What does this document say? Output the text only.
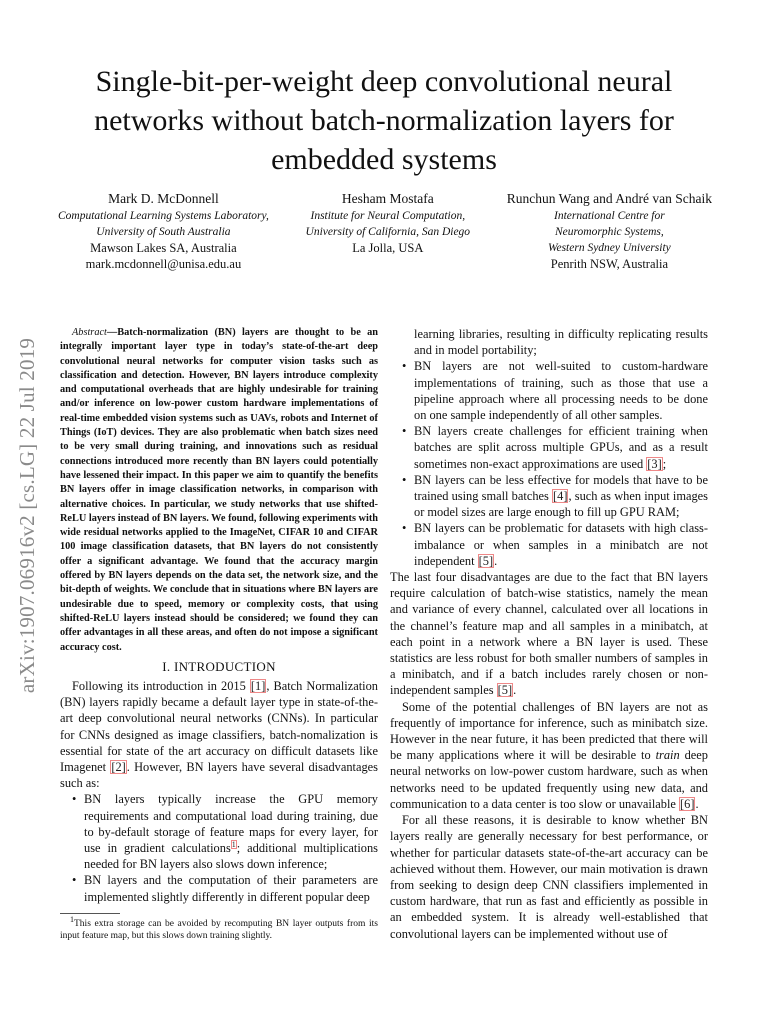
arXiv:1907.06916v2 [cs.LG] 22 Jul 2019
Single-bit-per-weight deep convolutional neural networks without batch-normalization layers for embedded systems
Mark D. McDonnell
Computational Learning Systems Laboratory,
University of South Australia
Mawson Lakes SA, Australia
mark.mcdonnell@unisa.edu.au
Hesham Mostafa
Institute for Neural Computation,
University of California, San Diego
La Jolla, USA
Runchun Wang and André van Schaik
International Centre for
Neuromorphic Systems,
Western Sydney University
Penrith NSW, Australia

Abstract—Batch-normalization (BN) layers are thought to be an integrally important layer type in today’s state-of-the-art deep convolutional neural networks for computer vision tasks such as classification and detection. However, BN layers introduce complexity and computational overheads that are highly undesirable for training and/or inference on low-power custom hardware implementations of real-time embedded vision systems such as UAVs, robots and Internet of Things (IoT) devices. They are also problematic when batch sizes need to be very small during training, and innovations such as residual connections introduced more recently than BN layers could potentially have lessened their impact. In this paper we aim to quantify the benefits BN layers offer in image classification networks, in comparison with alternative choices. In particular, we study networks that use shifted-ReLU layers instead of BN layers. We found, following experiments with wide residual networks applied to the ImageNet, CIFAR 10 and CIFAR 100 image classification datasets, that BN layers do not consistently offer a significant advantage. We found that the accuracy margin offered by BN layers depends on the data set, the network size, and the bit-depth of weights. We conclude that in situations where BN layers are undesirable due to speed, memory or complexity costs, that using shifted-ReLU layers instead should be considered; we found they can offer advantages in all these areas, and often do not impose a significant accuracy cost.

I. INTRODUCTION

Following its introduction in 2015 [1], Batch Normalization (BN) layers rapidly became a default layer type in state-of-the-art deep convolutional neural networks (CNNs). In particular for CNNs designed as image classifiers, batch-nomalization is essential for state of the art accuracy on difficult datasets like Imagenet [2]. However, BN layers have several disadvantages such as:

• BN layers typically increase the GPU memory requirements and computational load during training, due to by-default storage of feature maps for every layer, for use in gradient calculations$^1$; additional multiplications needed for BN layers also slows down inference;
• BN layers and the computation of their parameters are implemented slightly differently in different popular deep
$^1$This extra storage can be avoided by recomputing BN layer outputs from its input feature map, but this slows down training slightly.
learning libraries, resulting in difficulty replicating results and in model portability;
• BN layers are not well-suited to custom-hardware implementations of training, such as those that use a pipeline approach where all processing needs to be done on one sample independently of all other samples.
• BN layers create challenges for efficient training when batches are split across multiple GPUs, and as a result sometimes non-exact approximations are used [3];
• BN layers can be less effective for models that have to be trained using small batches [4], such as when input images or model sizes are large enough to fill up GPU RAM;
• BN layers can be problematic for datasets with high class-imbalance or when samples in a minibatch are not independent [5].

The last four disadvantages are due to the fact that BN layers require calculation of batch-wise statistics, namely the mean and variance of every channel, calculated over all locations in the channel’s feature map and all samples in a minibatch, at each point in a network where a BN layer is used. These statistics are less robust for both smaller numbers of samples in a minibatch, and if a batch includes rarely chosen or non-independent samples [5].

Some of the potential challenges of BN layers are not as frequently of importance for inference, such as minibatch size. However in the near future, it has been predicted that there will be many applications where it will be desirable to train deep neural networks on low-power custom hardware, such as when networks need to be updated frequently using new data, and communication to a data center is too slow or unavailable [6].

For all these reasons, it is desirable to know whether BN layers really are generally necessary for best performance, or whether for particular datasets state-of-the-art accuracy can be achieved without them. However, our main motivation is drawn from seeking to design deep CNN classifiers implemented in custom hardware, that run as fast and efficiently as possible in an embedded system. It is already well-established that convolutional layers can be implemented without use of
